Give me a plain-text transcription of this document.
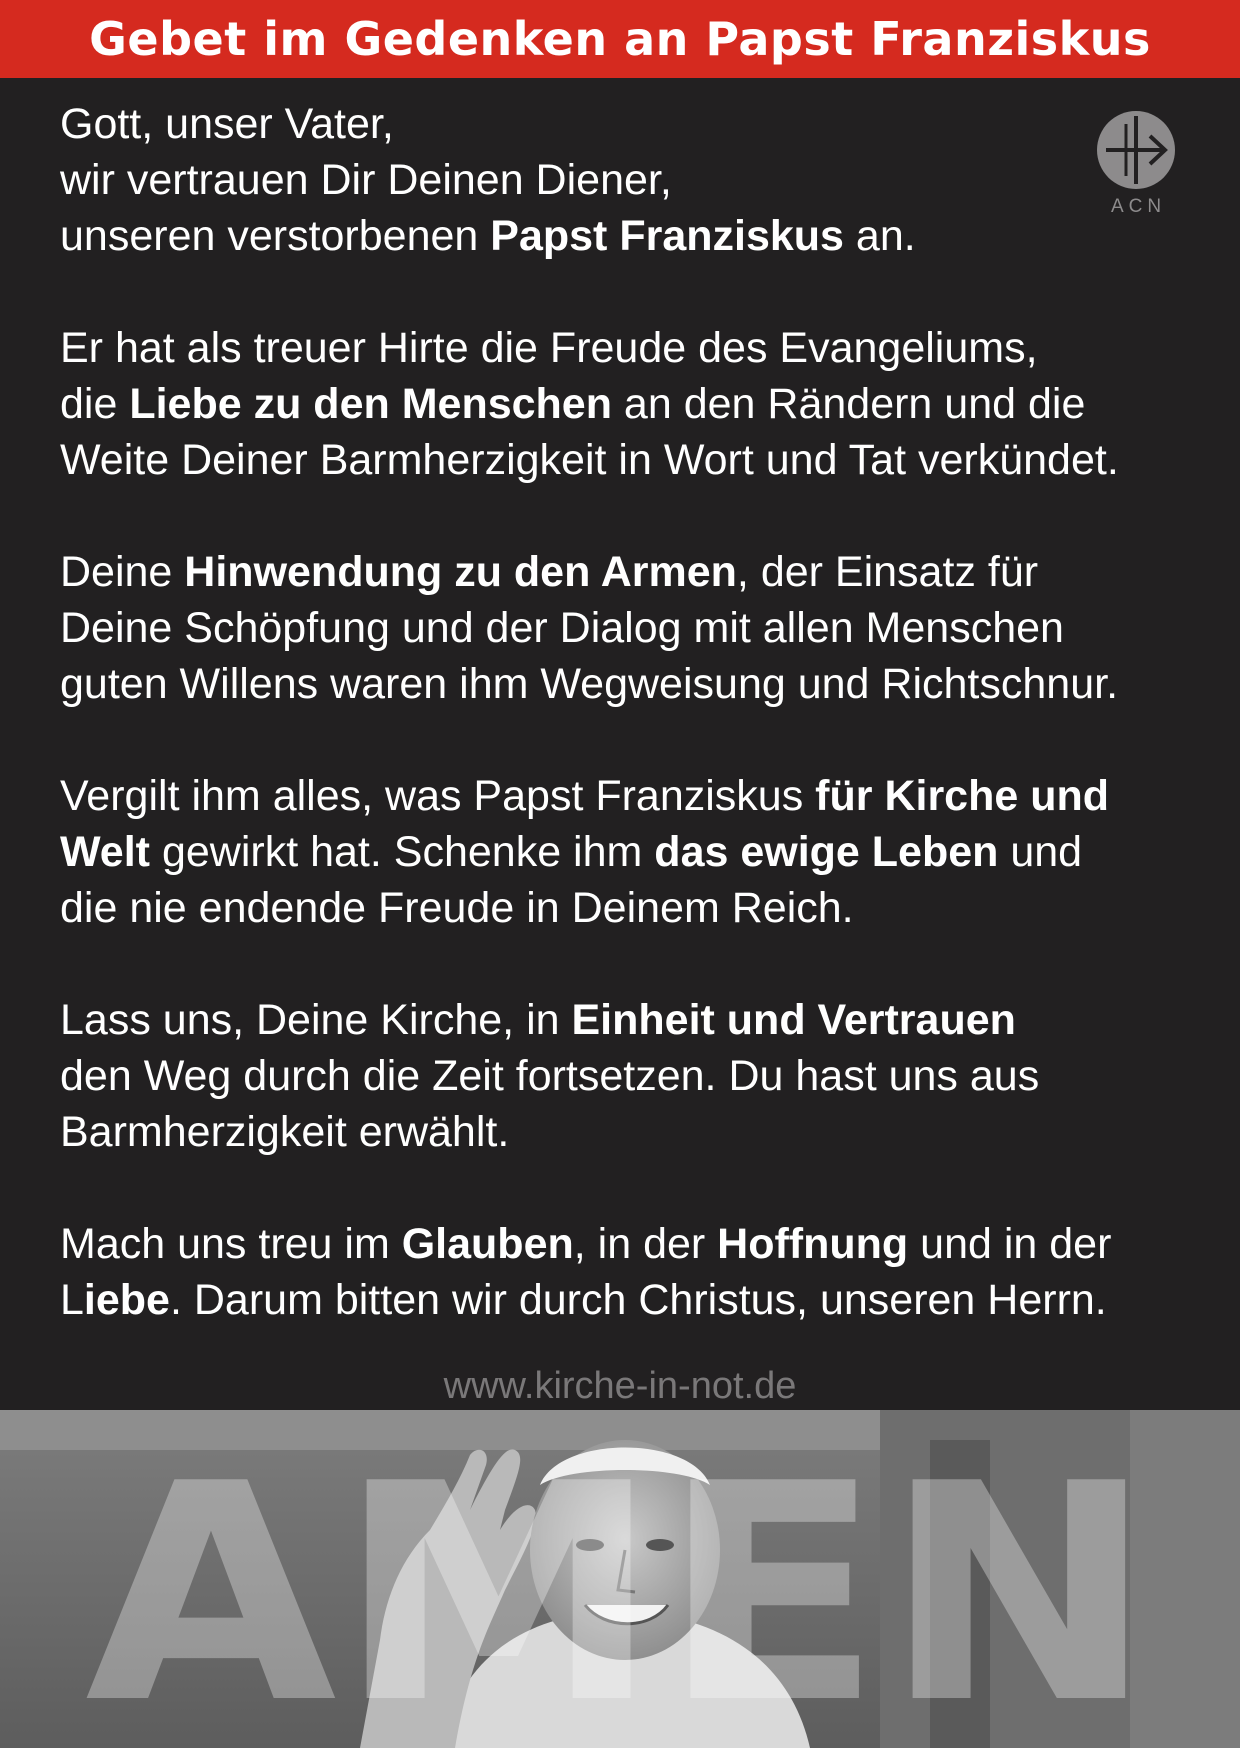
Gebet im Gedenken an Papst Franziskus
ACN
Gott, unser Vater,
wir vertrauen Dir Deinen Diener,
unseren verstorbenen Papst Franziskus an.
Er hat als treuer Hirte die Freude des Evangeliums,
die Liebe zu den Menschen an den Rändern und die
Weite Deiner Barmherzigkeit in Wort und Tat verkündet.
Deine Hinwendung zu den Armen, der Einsatz für
Deine Schöpfung und der Dialog mit allen Menschen
guten Willens waren ihm Wegweisung und Richtschnur.
Vergilt ihm alles, was Papst Franziskus für Kirche und
Welt gewirkt hat. Schenke ihm das ewige Leben und
die nie endende Freude in Deinem Reich.
Lass uns, Deine Kirche, in Einheit und Vertrauen
den Weg durch die Zeit fortsetzen. Du hast uns aus
Barmherzigkeit erwählt.
Mach uns treu im Glauben, in der Hoffnung und in der
Liebe. Darum bitten wir durch Christus, unseren Herrn.
www.kirche-in-not.de
AMEN
